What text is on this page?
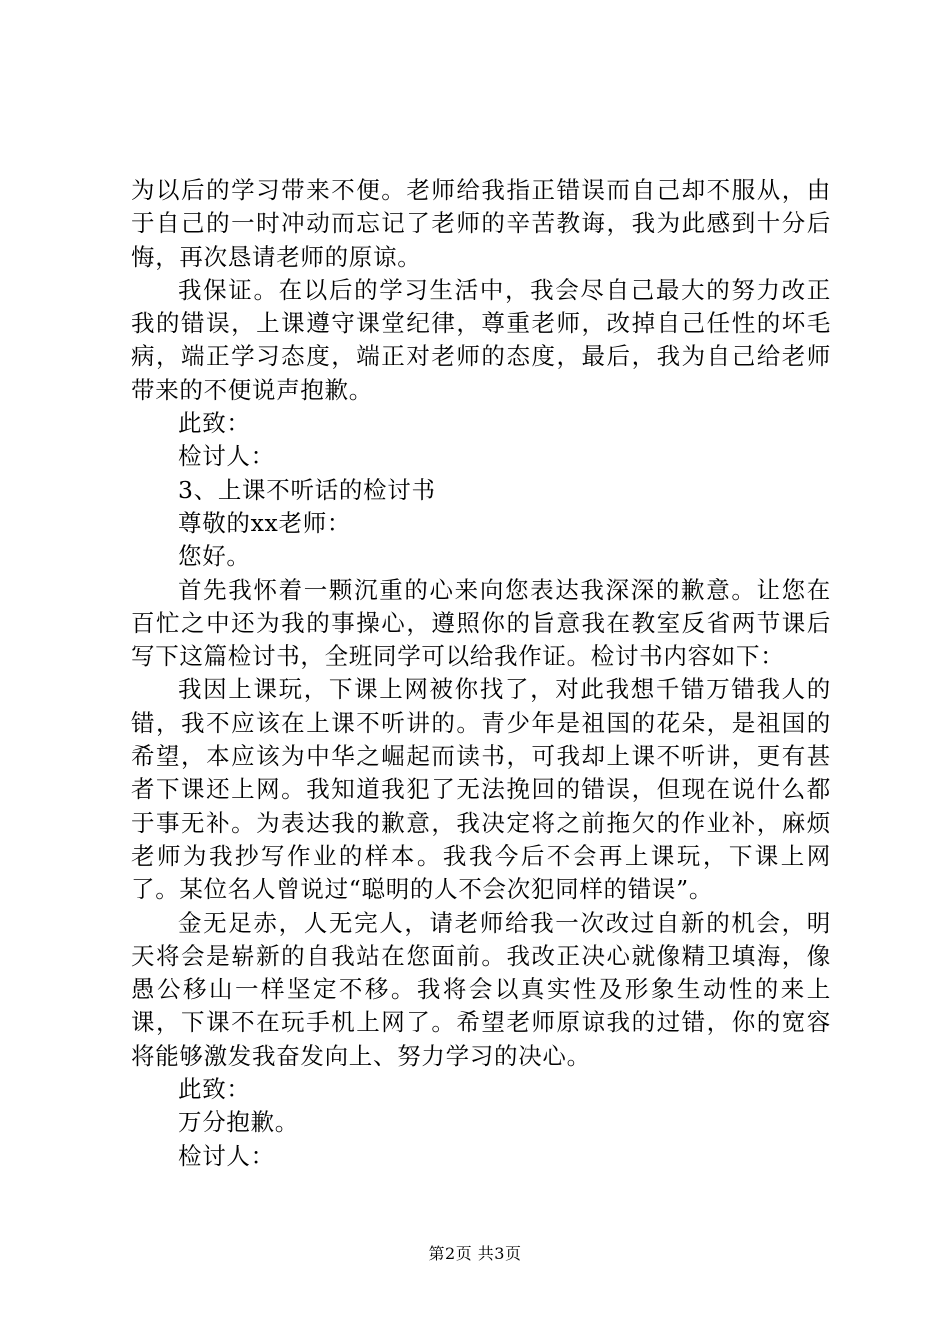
为以后的学习带来不便。老师给我指正错误而自己却不服从，由于自己的一时冲动而忘记了老师的辛苦教诲，我为此感到十分后悔，再次恳请老师的原谅。

我保证。在以后的学习生活中，我会尽自己最大的努力改正我的错误，上课遵守课堂纪律，尊重老师，改掉自己任性的坏毛病，端正学习态度，端正对老师的态度，最后，我为自己给老师带来的不便说声抱歉。

此致：

检讨人：

3、上课不听话的检讨书

尊敬的xx老师：

您好。

首先我怀着一颗沉重的心来向您表达我深深的歉意。让您在百忙之中还为我的事操心，遵照你的旨意我在教室反省两节课后写下这篇检讨书，全班同学可以给我作证。检讨书内容如下：

我因上课玩，下课上网被你找了，对此我想千错万错我人的错，我不应该在上课不听讲的。青少年是祖国的花朵，是祖国的希望，本应该为中华之崛起而读书，可我却上课不听讲，更有甚者下课还上网。我知道我犯了无法挽回的错误，但现在说什么都于事无补。为表达我的歉意，我决定将之前拖欠的作业补，麻烦老师为我抄写作业的样本。我我今后不会再上课玩，下课上网了。某位名人曾说过“聪明的人不会次犯同样的错误”。

金无足赤，人无完人，请老师给我一次改过自新的机会，明天将会是崭新的自我站在您面前。我改正决心就像精卫填海，像愚公移山一样坚定不移。我将会以真实性及形象生动性的来上课，下课不在玩手机上网了。希望老师原谅我的过错，你的宽容将能够激发我奋发向上、努力学习的决心。

此致：

万分抱歉。

检讨人：

第2页 共3页
